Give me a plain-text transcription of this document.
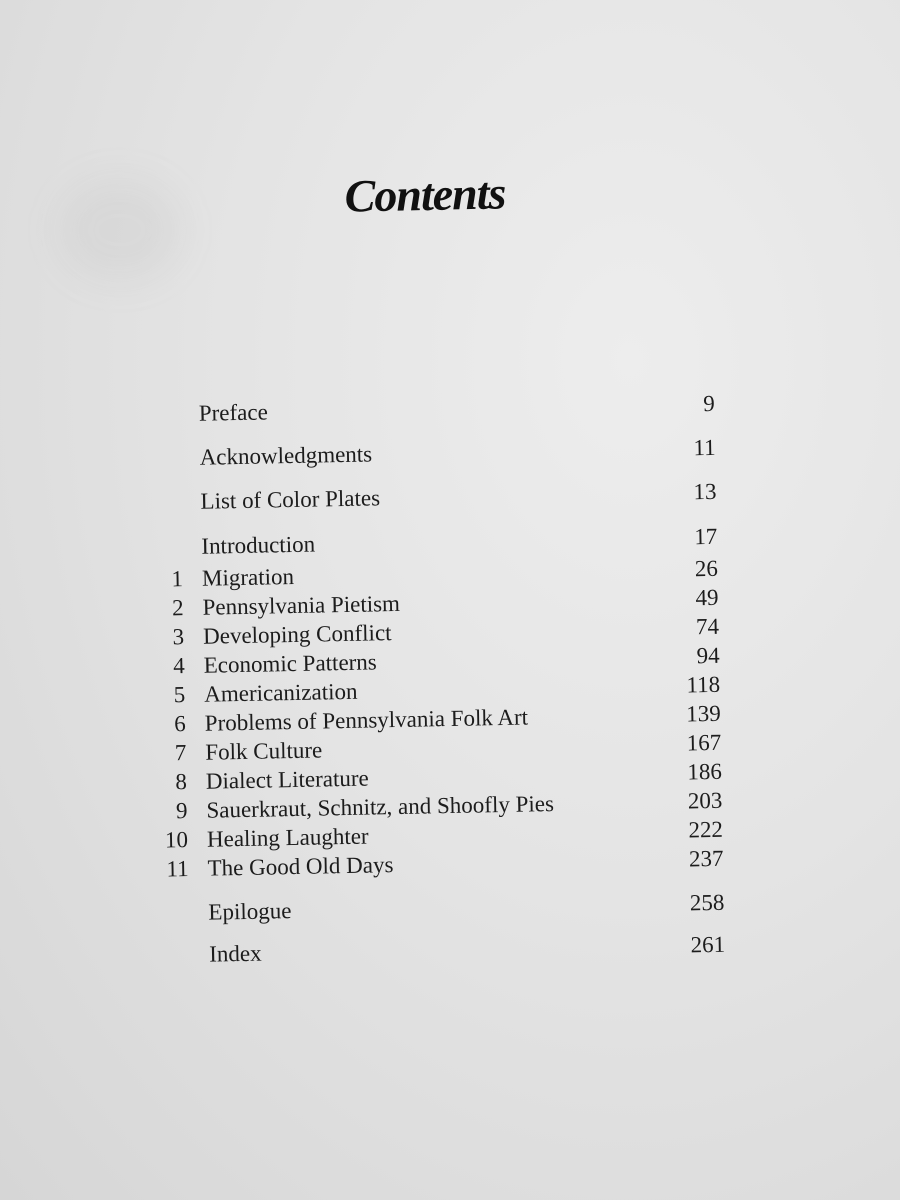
Contents
Preface	9
Acknowledgments	11
List of Color Plates	13
Introduction	17
1 Migration	26
2 Pennsylvania Pietism	49
3 Developing Conflict	74
4 Economic Patterns	94
5 Americanization	118
6 Problems of Pennsylvania Folk Art	139
7 Folk Culture	167
8 Dialect Literature	186
9 Sauerkraut, Schnitz, and Shoofly Pies	203
10 Healing Laughter	222
11 The Good Old Days	237
Epilogue	258
Index	261
